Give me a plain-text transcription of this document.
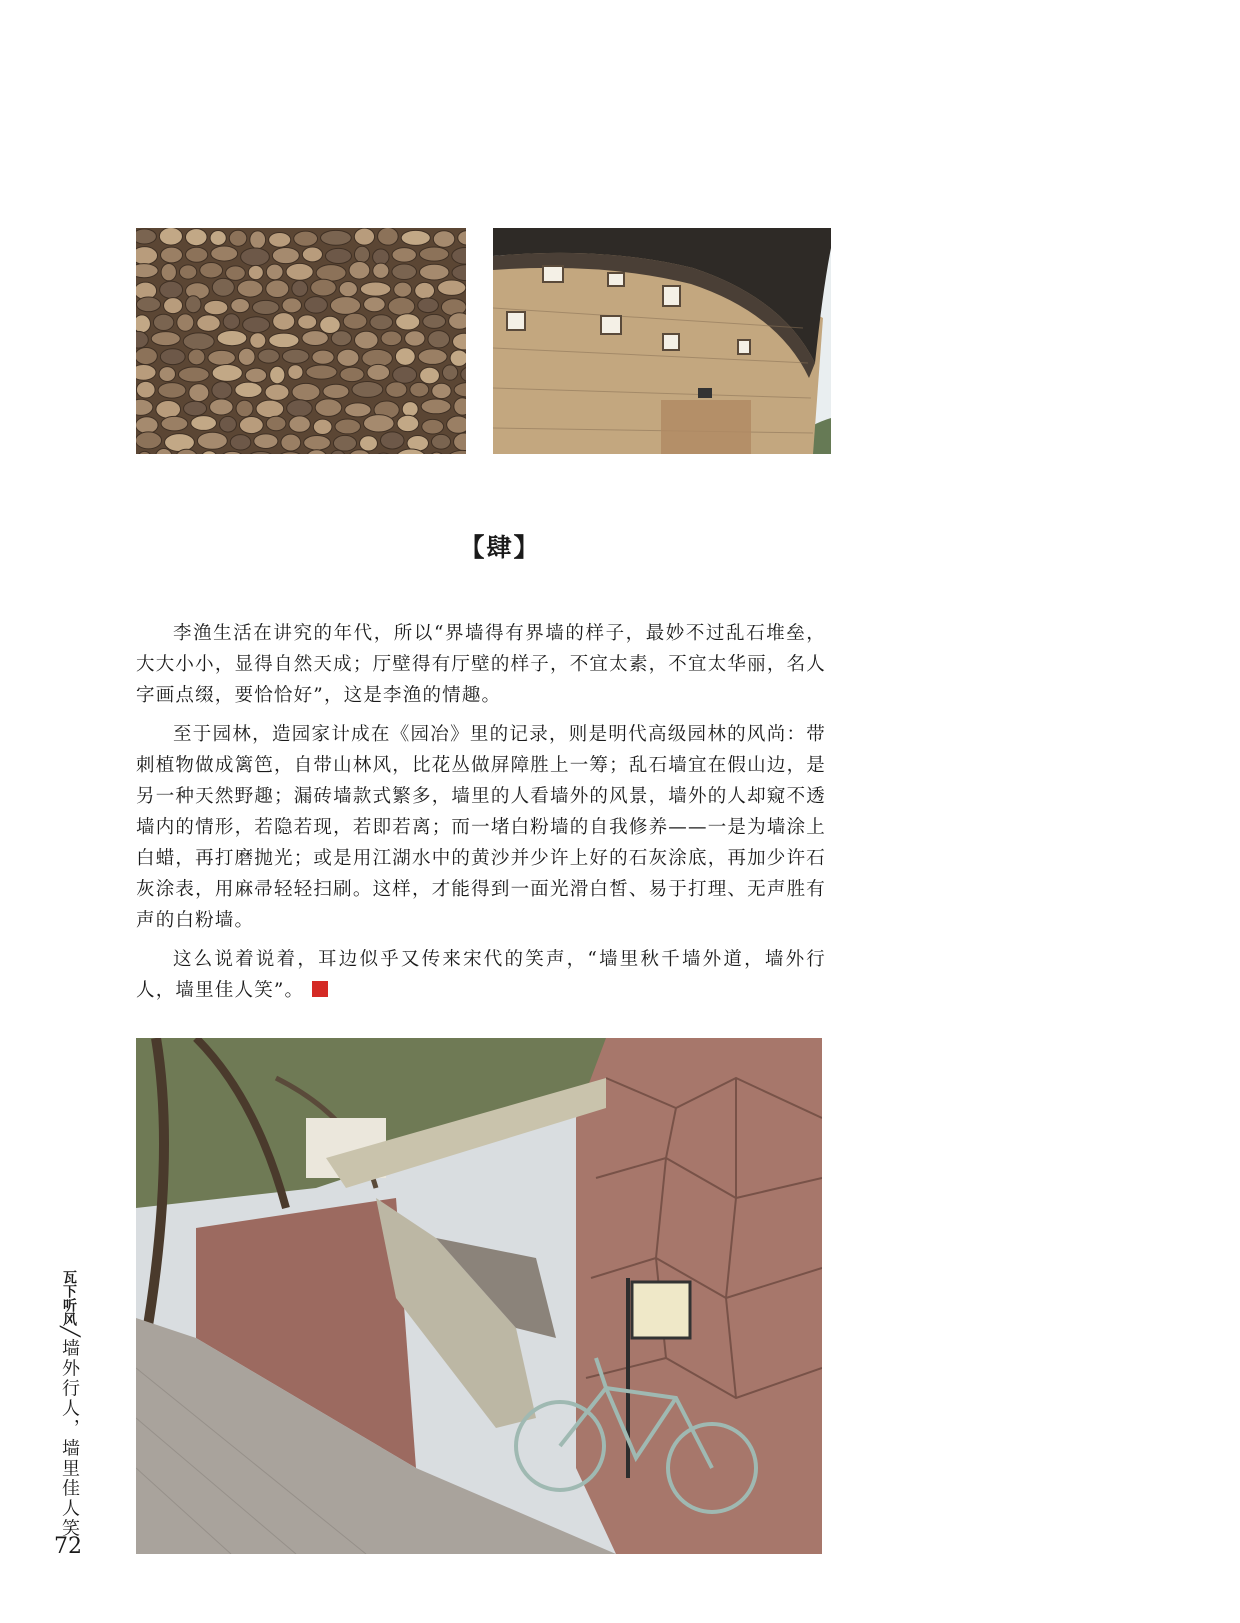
【肆】

李渔生活在讲究的年代，所以“界墙得有界墙的样子，最妙不过乱石堆垒，大大小小，显得自然天成；厅壁得有厅壁的样子，不宜太素，不宜太华丽，名人字画点缀，要恰恰好”，这是李渔的情趣。

至于园林，造园家计成在《园冶》里的记录，则是明代高级园林的风尚：带刺植物做成篱笆，自带山林风，比花丛做屏障胜上一筹；乱石墙宜在假山边，是另一种天然野趣；漏砖墙款式繁多，墙里的人看墙外的风景，墙外的人却窥不透墙内的情形，若隐若现，若即若离；而一堵白粉墙的自我修养——一是为墙涂上白蜡，再打磨抛光；或是用江湖水中的黄沙并少许上好的石灰涂底，再加少许石灰涂表，用麻帚轻轻扫刷。这样，才能得到一面光滑白皙、易于打理、无声胜有声的白粉墙。

这么说着说着，耳边似乎又传来宋代的笑声，“墙里秋千墙外道，墙外行人，墙里佳人笑”。

瓦下听风╱墙外行人，墙里佳人笑
72
